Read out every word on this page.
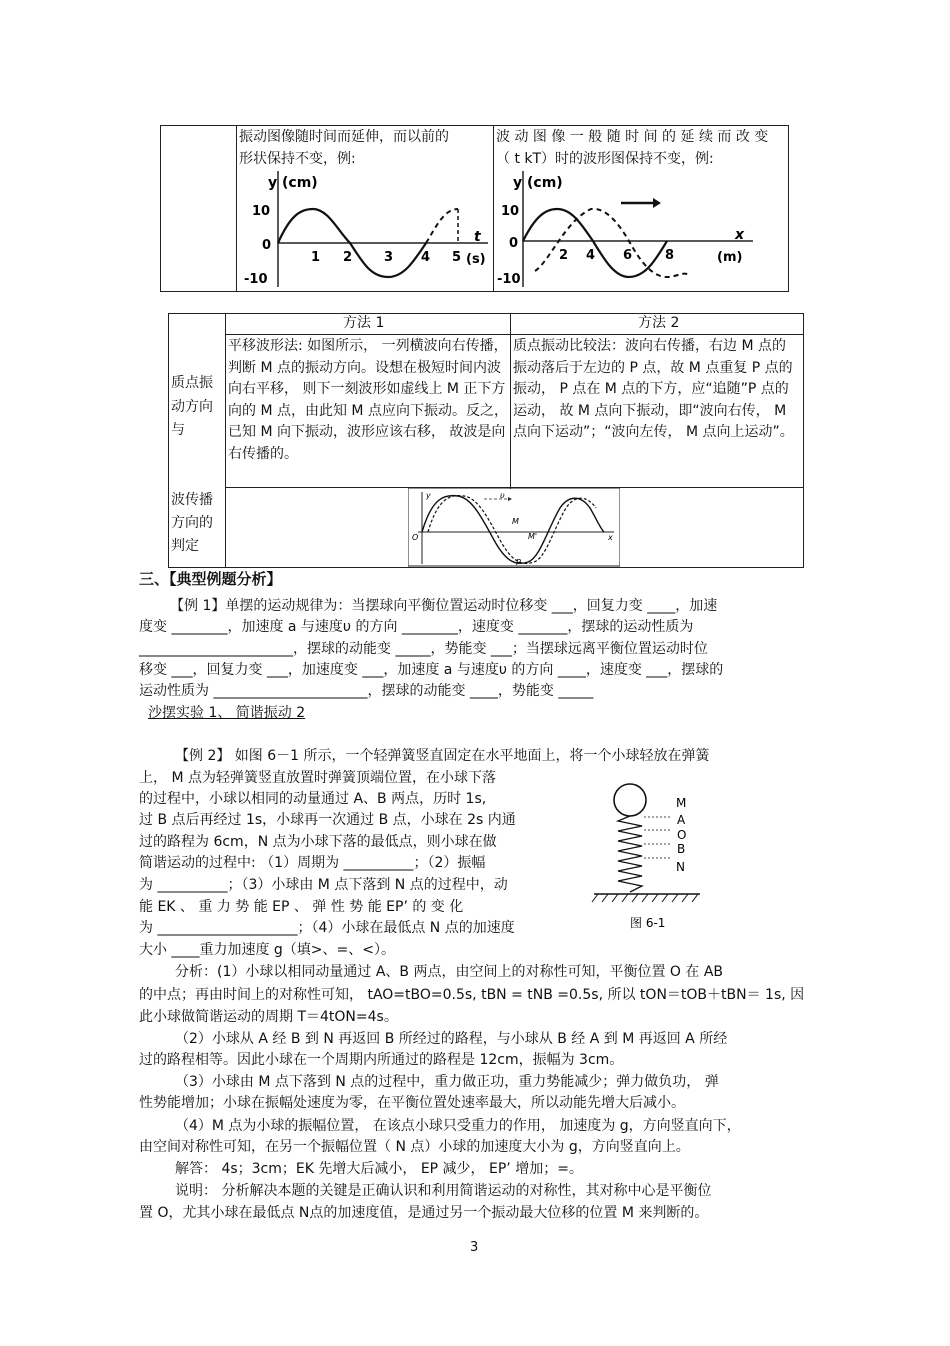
振动图像随时间而延伸，而以前的
形状保持不变，例:
波 动 图 像 一 般 随 时 间 的 延 续 而 改 变
（ t kT）时的波形图保持不变，例:
y (cm)
10
0
-10
1 2 3 4 5
t
(s)
y (cm)
10
0
-10
2 4 6	8
x
(m)
方法 1	方法 2
质点振
动方向
与
波传播
方向的
判定
平移波形法: 如图所示， 一列横波向右传播，判断 M 点的振动方向。设想在极短时间内波向右平移， 则下一刻波形如虚线上 M 正下方向的 M 点，由此知 M 点应向下振动。反之，已知 M 向下振动，波形应该右移， 故波是向右传播的。
质点振动比较法：波向右传播，右边 M 点的振动落后于左边的 P 点，故 M 点重复 P 点的振动， P 点在 M 点的下方，应“追随”P 点的运动， 故 M 点向下振动，即“波向右传， M 点向下运动”；“波向左传， M 点向上运动”。
y
x
O
υ
M
M'
P
三、【典型例题分析】
【例 1】单摆的运动规律为：当摆球向平衡位置运动时位移变 ___，回复力变 ____，加速
度变 ________，加速度 a 与速度υ 的方向 ________，速度变 _______，摆球的运动性质为
______________________，摆球的动能变 _____，势能变 ___；当摆球远离平衡位置运动时位
移变 ___，回复力变 ___，加速度变 ___，加速度 a 与速度υ 的方向 ____，速度变 ___，摆球的
运动性质为 ______________________，摆球的动能变 ____，势能变 _____
沙摆实验 1、 简谐振动 2
【例 2】 如图 6－1 所示，一个轻弹簧竖直固定在水平地面上，将一个小球轻放在弹簧
上， M 点为轻弹簧竖直放置时弹簧顶端位置，在小球下落
的过程中，小球以相同的动量通过 A、B 两点，历时 1s,
过 B 点后再经过 1s，小球再一次通过 B 点，小球在 2s 内通
过的路程为 6cm，N 点为小球下落的最低点，则小球在做
简谐运动的过程中: （1）周期为 __________；（2）振幅
为 __________；（3）小球由 M 点下落到 N 点的过程中，动
能 EK 、 重 力 势 能 EP 、 弹 性 势 能 EP’ 的 变 化
为 ____________________；（4）小球在最低点 N 点的加速度
大小 ____重力加速度 g（填>、=、<）。
M
A
O
B
N
图 6-1
分析：(1）小球以相同动量通过 A、B 两点，由空间上的对称性可知，平衡位置 O 在 AB
的中点；再由时间上的对称性可知， tAO=tBO=0.5s, tBN = tNB =0.5s, 所以 tON＝tOB＋tBN＝ 1s, 因
此小球做简谐运动的周期 T＝4tON=4s。
（2）小球从 A 经 B 到 N 再返回 B 所经过的路程，与小球从 B 经 A 到 M 再返回 A 所经
过的路程相等。因此小球在一个周期内所通过的路程是 12cm，振幅为 3cm。
（3）小球由 M 点下落到 N 点的过程中，重力做正功，重力势能减少；弹力做负功， 弹
性势能增加；小球在振幅处速度为零，在平衡位置处速率最大，所以动能先增大后减小。
（4）M 点为小球的振幅位置， 在该点小球只受重力的作用， 加速度为 g，方向竖直向下，
由空间对称性可知，在另一个振幅位置（ N 点）小球的加速度大小为 g，方向竖直向上。
解答： 4s；3cm；EK 先增大后减小， EP 减少， EP’ 增加；=。
说明： 分析解决本题的关键是正确认识和利用简谐运动的对称性，其对称中心是平衡位
置 O，尤其小球在最低点 N点的加速度值，是通过另一个振动最大位移的位置 M 来判断的。
3
